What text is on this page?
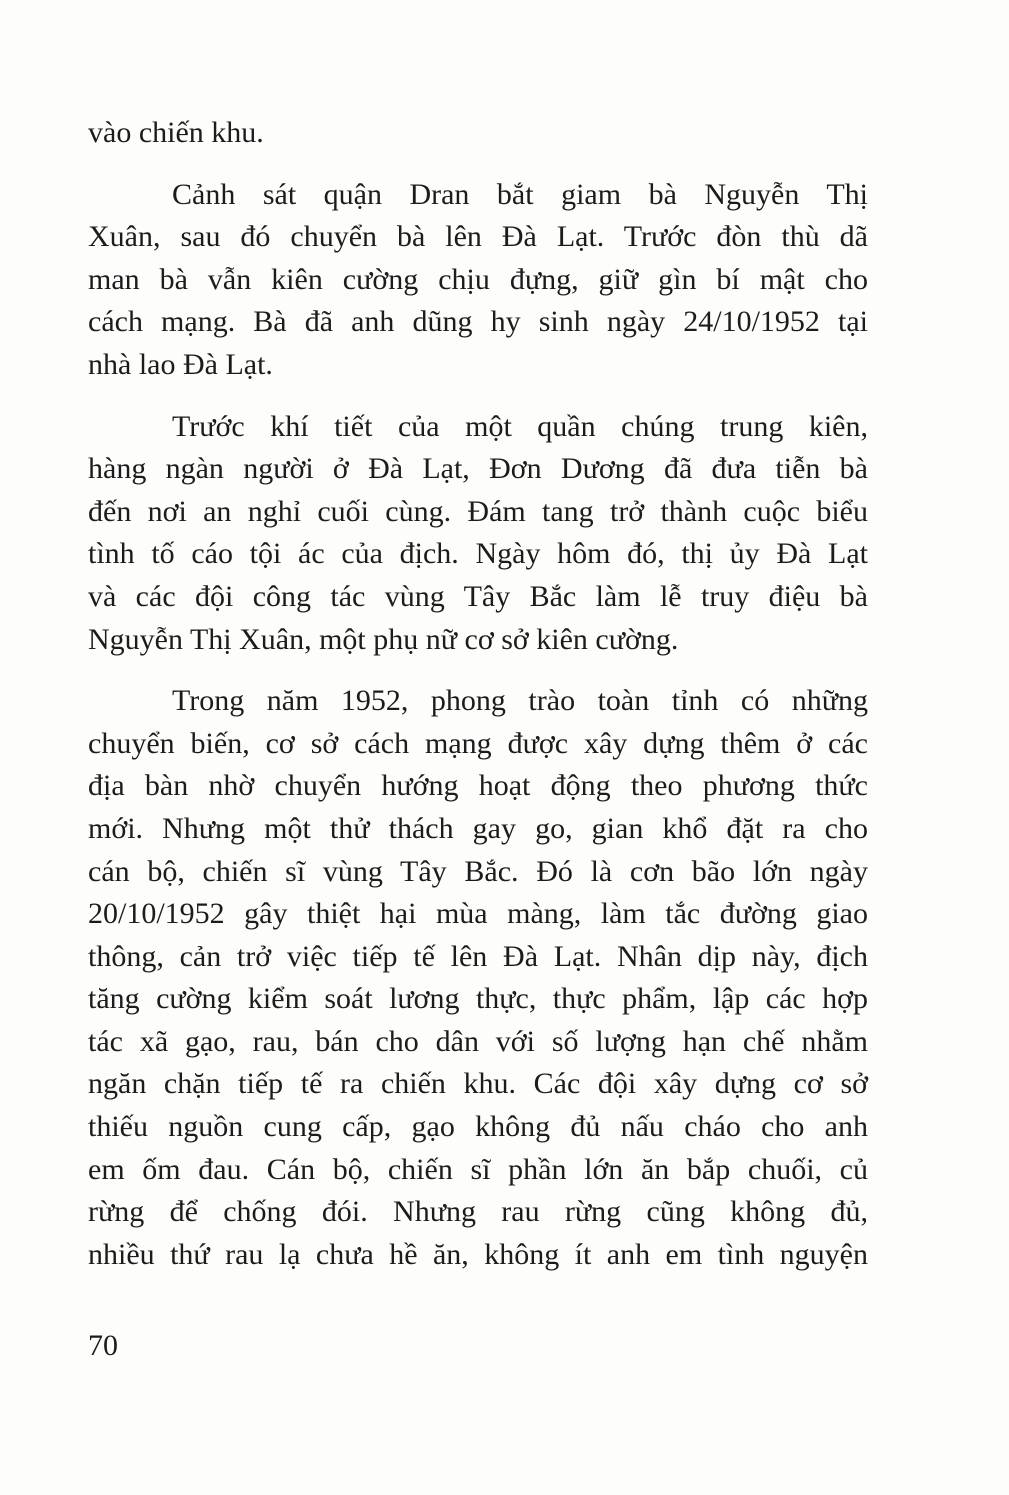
vào chiến khu.
Cảnh sát quận Dran bắt giam bà Nguyễn Thị
Xuân, sau đó chuyển bà lên Đà Lạt. Trước đòn thù dã
man bà vẫn kiên cường chịu đựng, giữ gìn bí mật cho
cách mạng. Bà đã anh dũng hy sinh ngày 24/10/1952 tại
nhà lao Đà Lạt.
Trước khí tiết của một quần chúng trung kiên,
hàng ngàn người ở Đà Lạt, Đơn Dương đã đưa tiễn bà
đến nơi an nghỉ cuối cùng. Đám tang trở thành cuộc biểu
tình tố cáo tội ác của địch. Ngày hôm đó, thị ủy Đà Lạt
và các đội công tác vùng Tây Bắc làm lễ truy điệu bà
Nguyễn Thị Xuân, một phụ nữ cơ sở kiên cường.
Trong năm 1952, phong trào toàn tỉnh có những
chuyển biến, cơ sở cách mạng được xây dựng thêm ở các
địa bàn nhờ chuyển hướng hoạt động theo phương thức
mới. Nhưng một thử thách gay go, gian khổ đặt ra cho
cán bộ, chiến sĩ vùng Tây Bắc. Đó là cơn bão lớn ngày
20/10/1952 gây thiệt hại mùa màng, làm tắc đường giao
thông, cản trở việc tiếp tế lên Đà Lạt. Nhân dịp này, địch
tăng cường kiểm soát lương thực, thực phẩm, lập các hợp
tác xã gạo, rau, bán cho dân với số lượng hạn chế nhằm
ngăn chặn tiếp tế ra chiến khu. Các đội xây dựng cơ sở
thiếu nguồn cung cấp, gạo không đủ nấu cháo cho anh
em ốm đau. Cán bộ, chiến sĩ phần lớn ăn bắp chuối, củ
rừng để chống đói. Nhưng rau rừng cũng không đủ,
nhiều thứ rau lạ chưa hề ăn, không ít anh em tình nguyện
70
